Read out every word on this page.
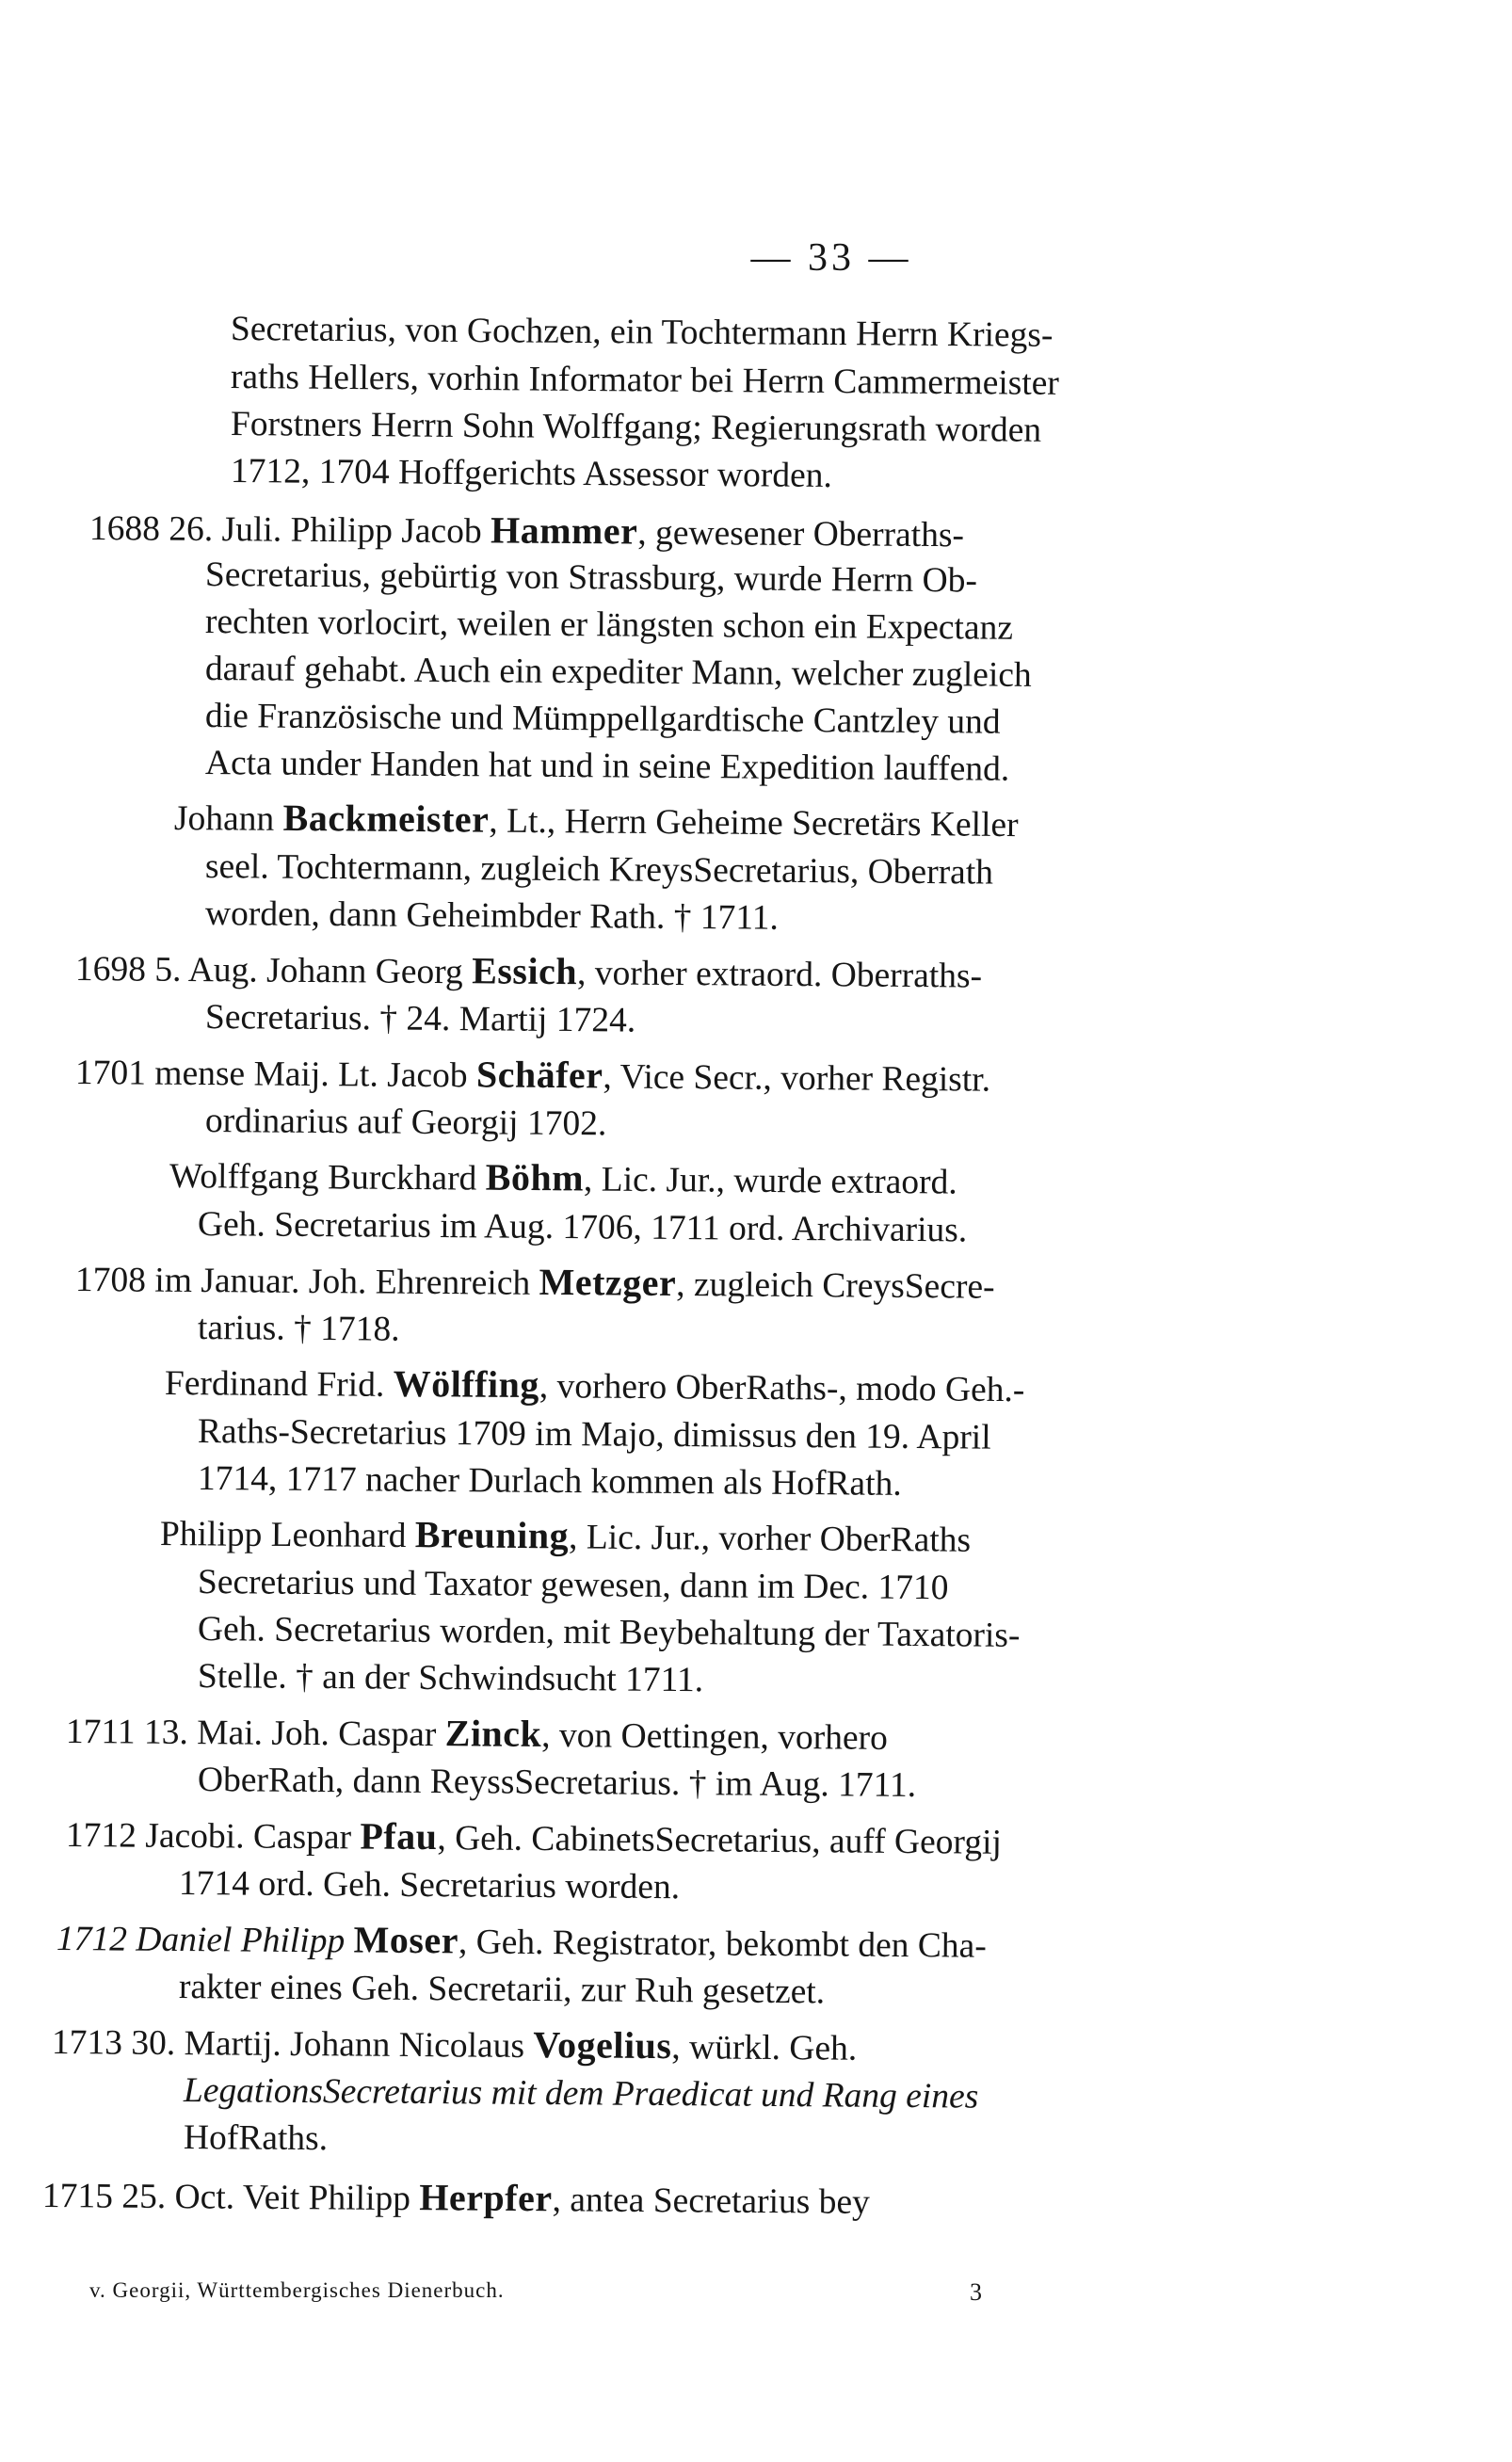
— 33 —
Secretarius, von Gochzen, ein Tochtermann Herrn Kriegs-
raths Hellers, vorhin Informator bei Herrn Cammermeister
Forstners Herrn Sohn Wolffgang; Regierungsrath worden
1712, 1704 Hoffgerichts Assessor worden.
1688 26. Juli. Philipp Jacob Hammer, gewesener Oberraths-
Secretarius, gebürtig von Strassburg, wurde Herrn Ob-
rechten vorlocirt, weilen er längsten schon ein Expectanz
darauf gehabt. Auch ein expediter Mann, welcher zugleich
die Französische und Mümppellgardtische Cantzley und
Acta under Handen hat und in seine Expedition lauffend.
Johann Backmeister, Lt., Herrn Geheime Secretärs Keller
seel. Tochtermann, zugleich KreysSecretarius, Oberrath
worden, dann Geheimbder Rath. † 1711.
1698 5. Aug. Johann Georg Essich, vorher extraord. Oberraths-
Secretarius. † 24. Martij 1724.
1701 mense Maij. Lt. Jacob Schäfer, Vice Secr., vorher Registr.
ordinarius auf Georgij 1702.
Wolffgang Burckhard Böhm, Lic. Jur., wurde extraord.
Geh. Secretarius im Aug. 1706, 1711 ord. Archivarius.
1708 im Januar. Joh. Ehrenreich Metzger, zugleich CreysSecre-
tarius. † 1718.
Ferdinand Frid. Wölffing, vorhero OberRaths-, modo Geh.-
Raths-Secretarius 1709 im Majo, dimissus den 19. April
1714, 1717 nacher Durlach kommen als HofRath.
Philipp Leonhard Breuning, Lic. Jur., vorher OberRaths
Secretarius und Taxator gewesen, dann im Dec. 1710
Geh. Secretarius worden, mit Beybehaltung der Taxatoris-
Stelle. † an der Schwindsucht 1711.
1711 13. Mai. Joh. Caspar Zinck, von Oettingen, vorhero
OberRath, dann ReyssSecretarius. † im Aug. 1711.
1712 Jacobi. Caspar Pfau, Geh. CabinetsSecretarius, auff Georgij
1714 ord. Geh. Secretarius worden.
1712 Daniel Philipp Moser, Geh. Registrator, bekombt den Cha-
rakter eines Geh. Secretarii, zur Ruh gesetzet.
1713 30. Martij. Johann Nicolaus Vogelius, würkl. Geh.
LegationsSecretarius mit dem Praedicat und Rang eines
HofRaths.
1715 25. Oct. Veit Philipp Herpfer, antea Secretarius bey
v. Georgii, Württembergisches Dienerbuch.	3
